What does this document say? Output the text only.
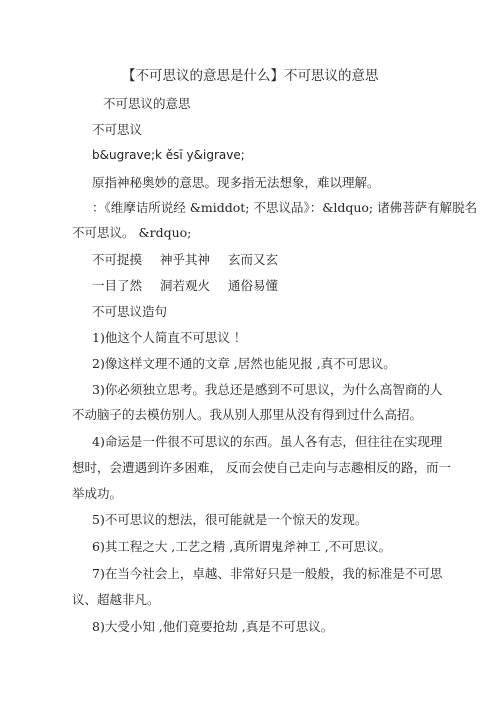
【不可思议的意思是什么】不可思议的意思
不可思议的意思
不可思议
b&ugrave;k ěsī y&igrave;
原指神秘奥妙的意思。现多指无法想象，难以理解。
：《维摩诘所说经 &middot; 不思议品》：&ldquo; 诸佛菩萨有解脱名
不可思议。 &rdquo;
不可捉摸 神乎其神 玄而又玄
一目了然 洞若观火 通俗易懂
不可思议造句
1)他这个人简直不可思议 ！
2)像这样文理不通的文章 ,居然也能见报 ,真不可思议。
3)你必须独立思考。我总还是感到不可思议，为什么高智商的人
不动脑子的去模仿别人。我从别人那里从没有得到过什么高招。
4)命运是一件很不可思议的东西。虽人各有志，但往往在实现理
想时，会遭遇到许多困难， 反而会使自己走向与志趣相反的路，而一
举成功。
5)不可思议的想法，很可能就是一个惊天的发现。
6)其工程之大 ,工艺之精 ,真所谓鬼斧神工 ,不可思议。
7)在当今社会上，卓越、非常好只是一般般，我的标准是不可思
议、超越非凡。
8)大受小知 ,他们竟要抢劫 ,真是不可思议。
